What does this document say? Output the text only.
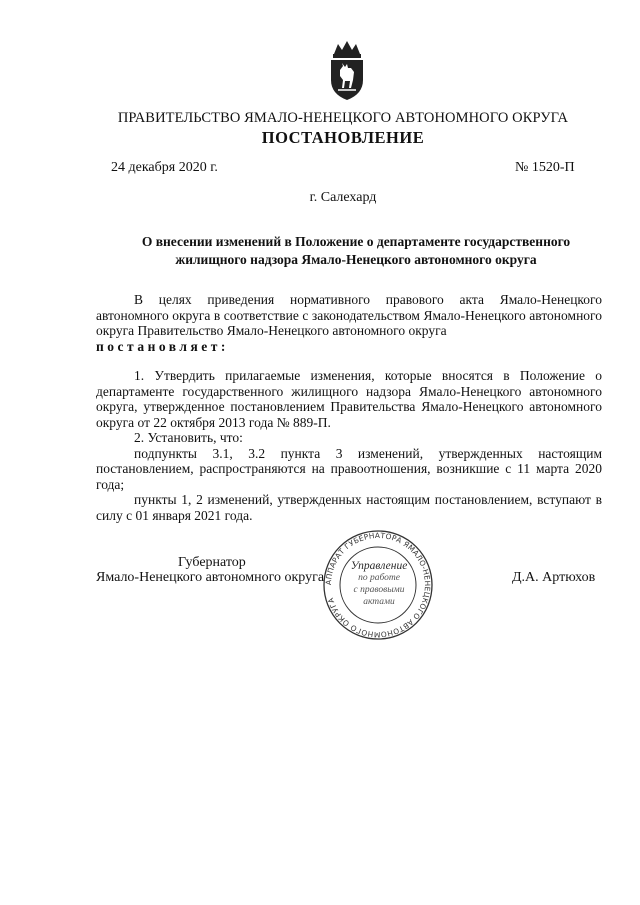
ПРАВИТЕЛЬСТВО ЯМАЛО-НЕНЕЦКОГО АВТОНОМНОГО ОКРУГА
ПОСТАНОВЛЕНИЕ
24 декабря 2020 г.	№ 1520-П
г. Салехард
О внесении изменений в Положение о департаменте государственного
жилищного надзора Ямало-Ненецкого автономного округа

В целях приведения нормативного правового акта Ямало-Ненецкого автономного округа в соответствие с законодательством Ямало-Ненецкого автономного округа Правительство Ямало-Ненецкого автономного округа

постановляет:

1. Утвердить прилагаемые изменения, которые вносятся в Положение о департаменте государственного жилищного надзора Ямало-Ненецкого автономного округа, утвержденное постановлением Правительства Ямало-Ненецкого автономного округа от 22 октября 2013 года № 889-П.

2. Установить, что:

подпункты 3.1, 3.2 пункта 3 изменений, утвержденных настоящим постановлением, распространяются на правоотношения, возникшие с 11 марта 2020 года;

пункты 1, 2 изменений, утвержденных настоящим постановлением, вступают в силу с 01 января 2021 года.

Губернатор
Ямало-Ненецкого автономного округа	Д.А. Артюхов
АППАРАТ ГУБЕРНАТОРА ЯМАЛО-НЕНЕЦКОГО АВТОНОМНОГО ОКРУГА
Управление
по работе
с правовыми
актами
